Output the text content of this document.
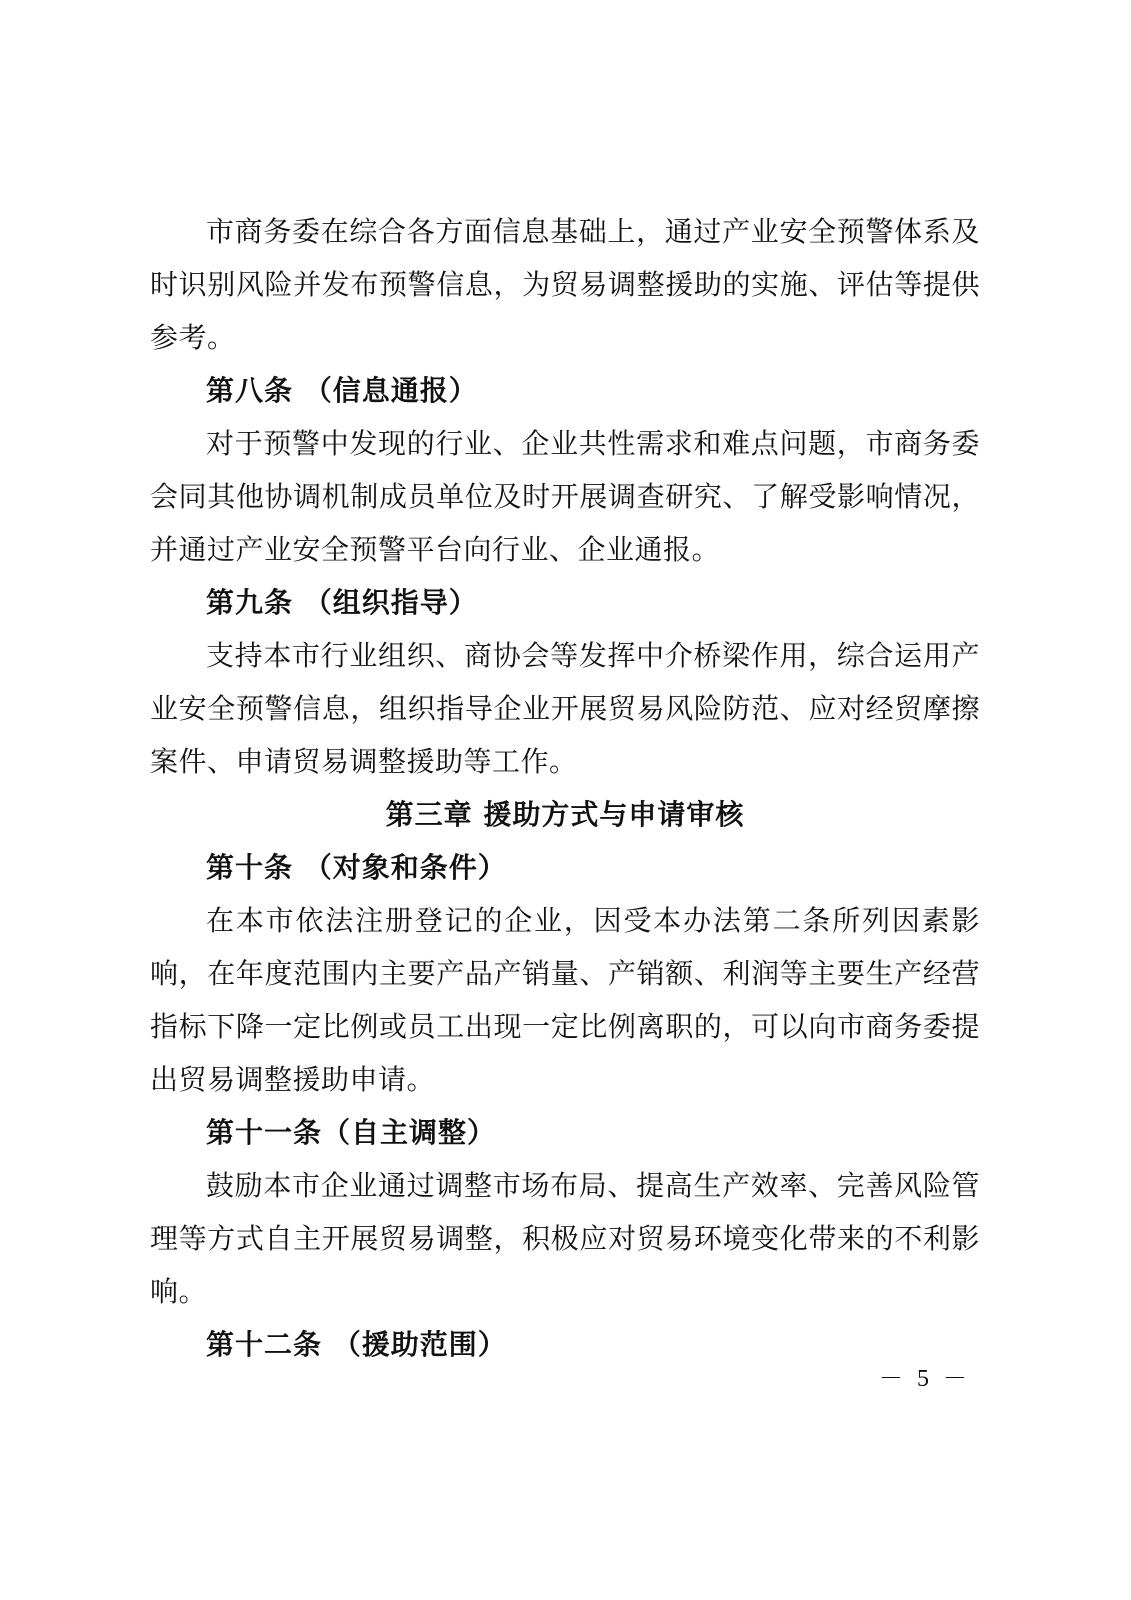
市商务委在综合各方面信息基础上，通过产业安全预警体系及时识别风险并发布预警信息，为贸易调整援助的实施、评估等提供参考。

第八条 （信息通报）

对于预警中发现的行业、企业共性需求和难点问题，市商务委会同其他协调机制成员单位及时开展调查研究、了解受影响情况，并通过产业安全预警平台向行业、企业通报。

第九条 （组织指导）

支持本市行业组织、商协会等发挥中介桥梁作用，综合运用产业安全预警信息，组织指导企业开展贸易风险防范、应对经贸摩擦案件、申请贸易调整援助等工作。

第三章 援助方式与申请审核

第十条 （对象和条件）

在本市依法注册登记的企业，因受本办法第二条所列因素影响，在年度范围内主要产品产销量、产销额、利润等主要生产经营指标下降一定比例或员工出现一定比例离职的，可以向市商务委提出贸易调整援助申请。

第十一条（自主调整）

鼓励本市企业通过调整市场布局、提高生产效率、完善风险管理等方式自主开展贸易调整，积极应对贸易环境变化带来的不利影响。

第十二条 （援助范围）

－ 5 －
